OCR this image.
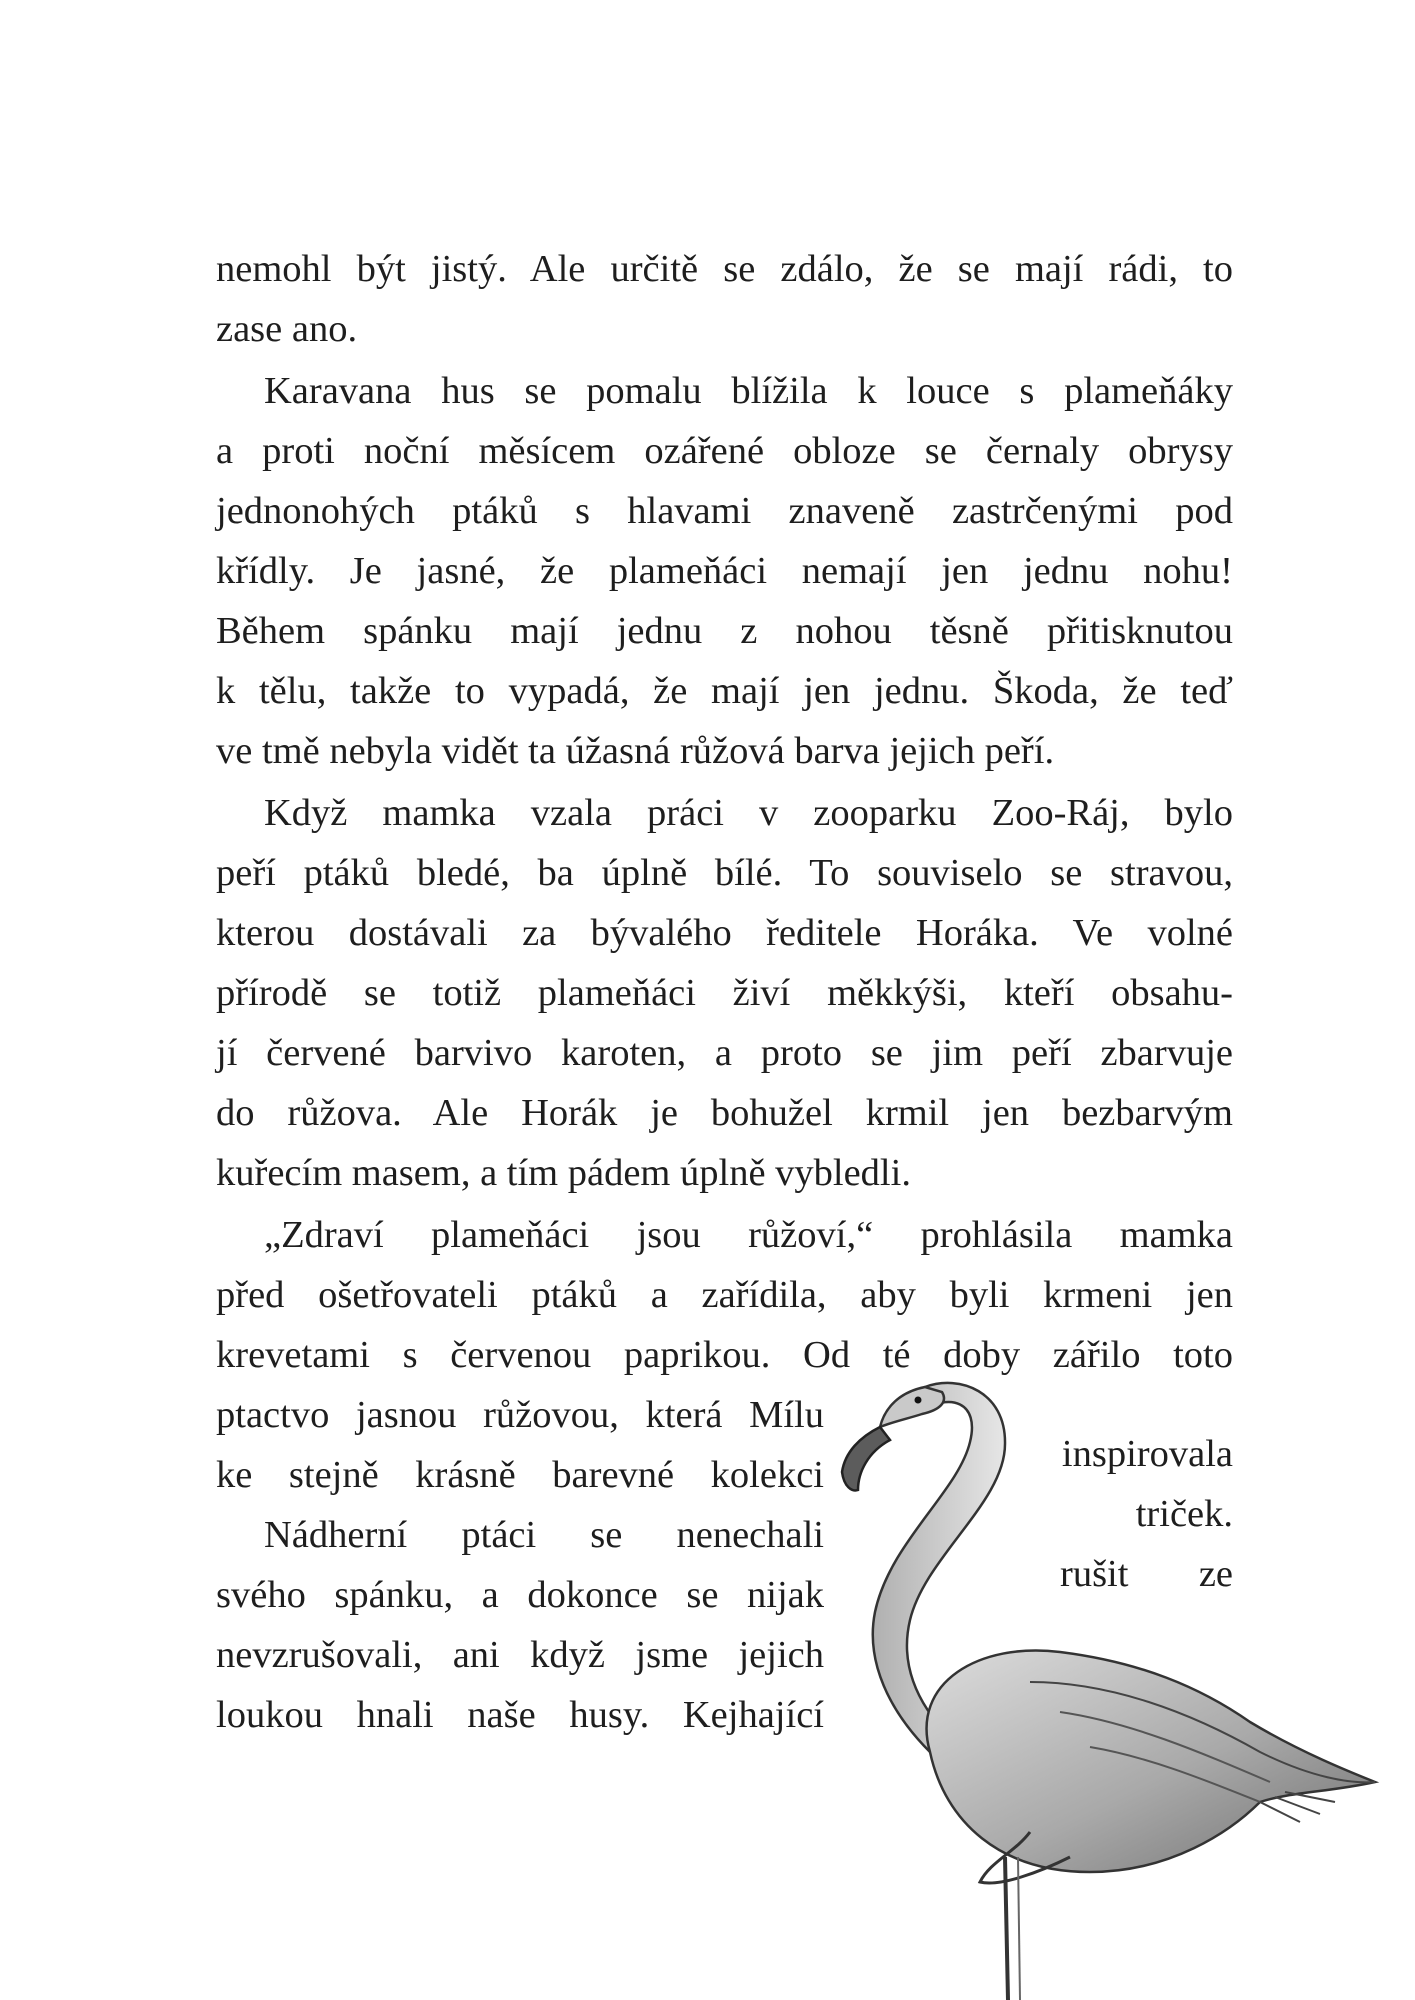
nemohl být jistý. Ale určitě se zdálo, že se mají rádi, to

zase ano.

Karavana hus se pomalu blížila k louce s plameňáky

a proti noční měsícem ozářené obloze se černaly obrysy

jednonohých ptáků s hlavami znaveně zastrčenými pod

křídly. Je jasné, že plameňáci nemají jen jednu nohu!

Během spánku mají jednu z nohou těsně přitisknutou

k tělu, takže to vypadá, že mají jen jednu. Škoda, že teď

ve tmě nebyla vidět ta úžasná růžová barva jejich peří.

Když mamka vzala práci v zooparku Zoo-Ráj, bylo

peří ptáků bledé, ba úplně bílé. To souviselo se stravou,

kterou dostávali za bývalého ředitele Horáka. Ve volné

přírodě se totiž plameňáci živí měkkýši, kteří obsahu-

jí červené barvivo karoten, a proto se jim peří zbarvuje

do růžova. Ale Horák je bohužel krmil jen bezbarvým

kuřecím masem, a tím pádem úplně vybledli.

„Zdraví plameňáci jsou růžoví,“ prohlásila mamka

před ošetřovateli ptáků a zařídila, aby byli krmeni jen

krevetami s červenou paprikou. Od té doby zářilo toto

ptactvo jasnou růžovou, která Mílu

inspirovala

ke stejně krásně barevné kolekci

triček.

Nádherní ptáci se nenechali

rušit	ze

svého spánku, a dokonce se nijak

nevzrušovali, ani když jsme jejich

loukou hnali naše husy. Kejhající
